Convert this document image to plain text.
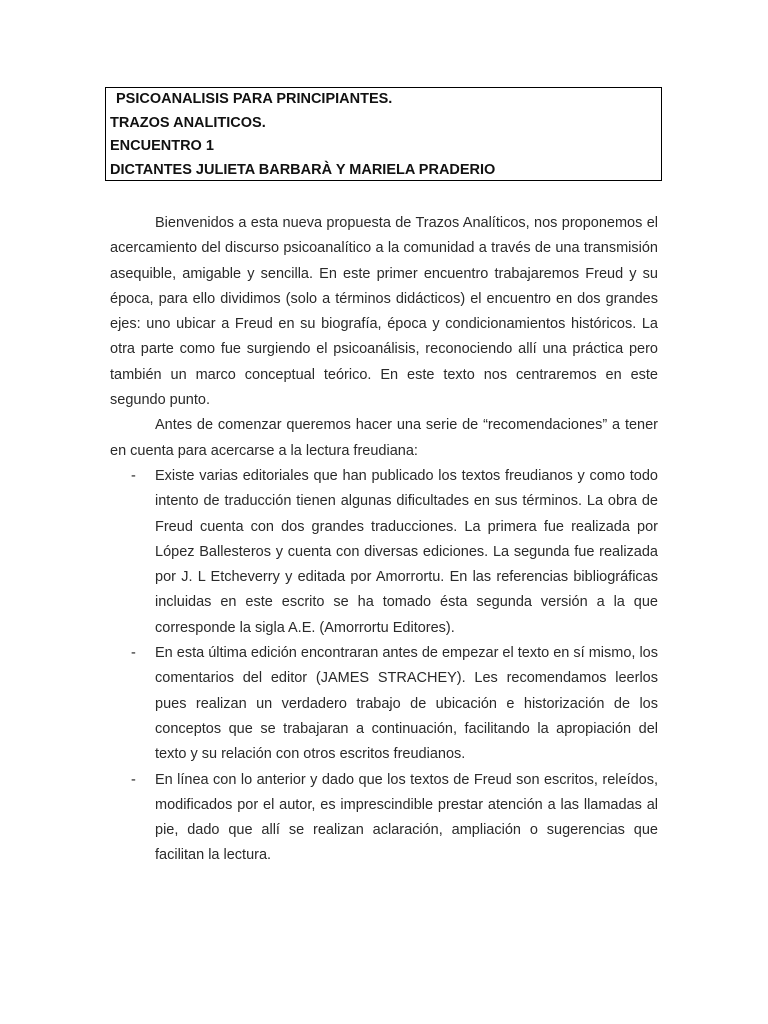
PSICOANALISIS PARA PRINCIPIANTES.
TRAZOS ANALITICOS.
ENCUENTRO 1
DICTANTES JULIETA BARBARÀ Y MARIELA PRADERIO

Bienvenidos a esta nueva propuesta de Trazos Analíticos, nos proponemos el acercamiento del discurso psicoanalítico a la comunidad a través de una transmisión asequible, amigable y sencilla. En este primer encuentro trabajaremos Freud y su época, para ello dividimos (solo a términos didácticos) el encuentro en dos grandes ejes: uno ubicar a Freud en su biografía, época y condicionamientos históricos. La otra parte como fue surgiendo el psicoanálisis, reconociendo allí una práctica pero también un marco conceptual teórico. En este texto nos centraremos en este segundo punto.

Antes de comenzar queremos hacer una serie de “recomendaciones” a tener en cuenta para acercarse a la lectura freudiana:

- Existe varias editoriales que han publicado los textos freudianos y como todo intento de traducción tienen algunas dificultades en sus términos. La obra de Freud cuenta con dos grandes traducciones. La primera fue realizada por López Ballesteros y cuenta con diversas ediciones. La segunda fue realizada por J. L Etcheverry y editada por Amorrortu. En las referencias bibliográficas incluidas en este escrito se ha tomado ésta segunda versión a la que corresponde la sigla A.E. (Amorrortu Editores).

- En esta última edición encontraran antes de empezar el texto en sí mismo, los comentarios del editor (JAMES STRACHEY). Les recomendamos leerlos pues realizan un verdadero trabajo de ubicación e historización de los conceptos que se trabajaran a continuación, facilitando la apropiación del texto y su relación con otros escritos freudianos.

- En línea con lo anterior y dado que los textos de Freud son escritos, releídos, modificados por el autor, es imprescindible prestar atención a las llamadas al pie, dado que allí se realizan aclaración, ampliación o sugerencias que facilitan la lectura.
